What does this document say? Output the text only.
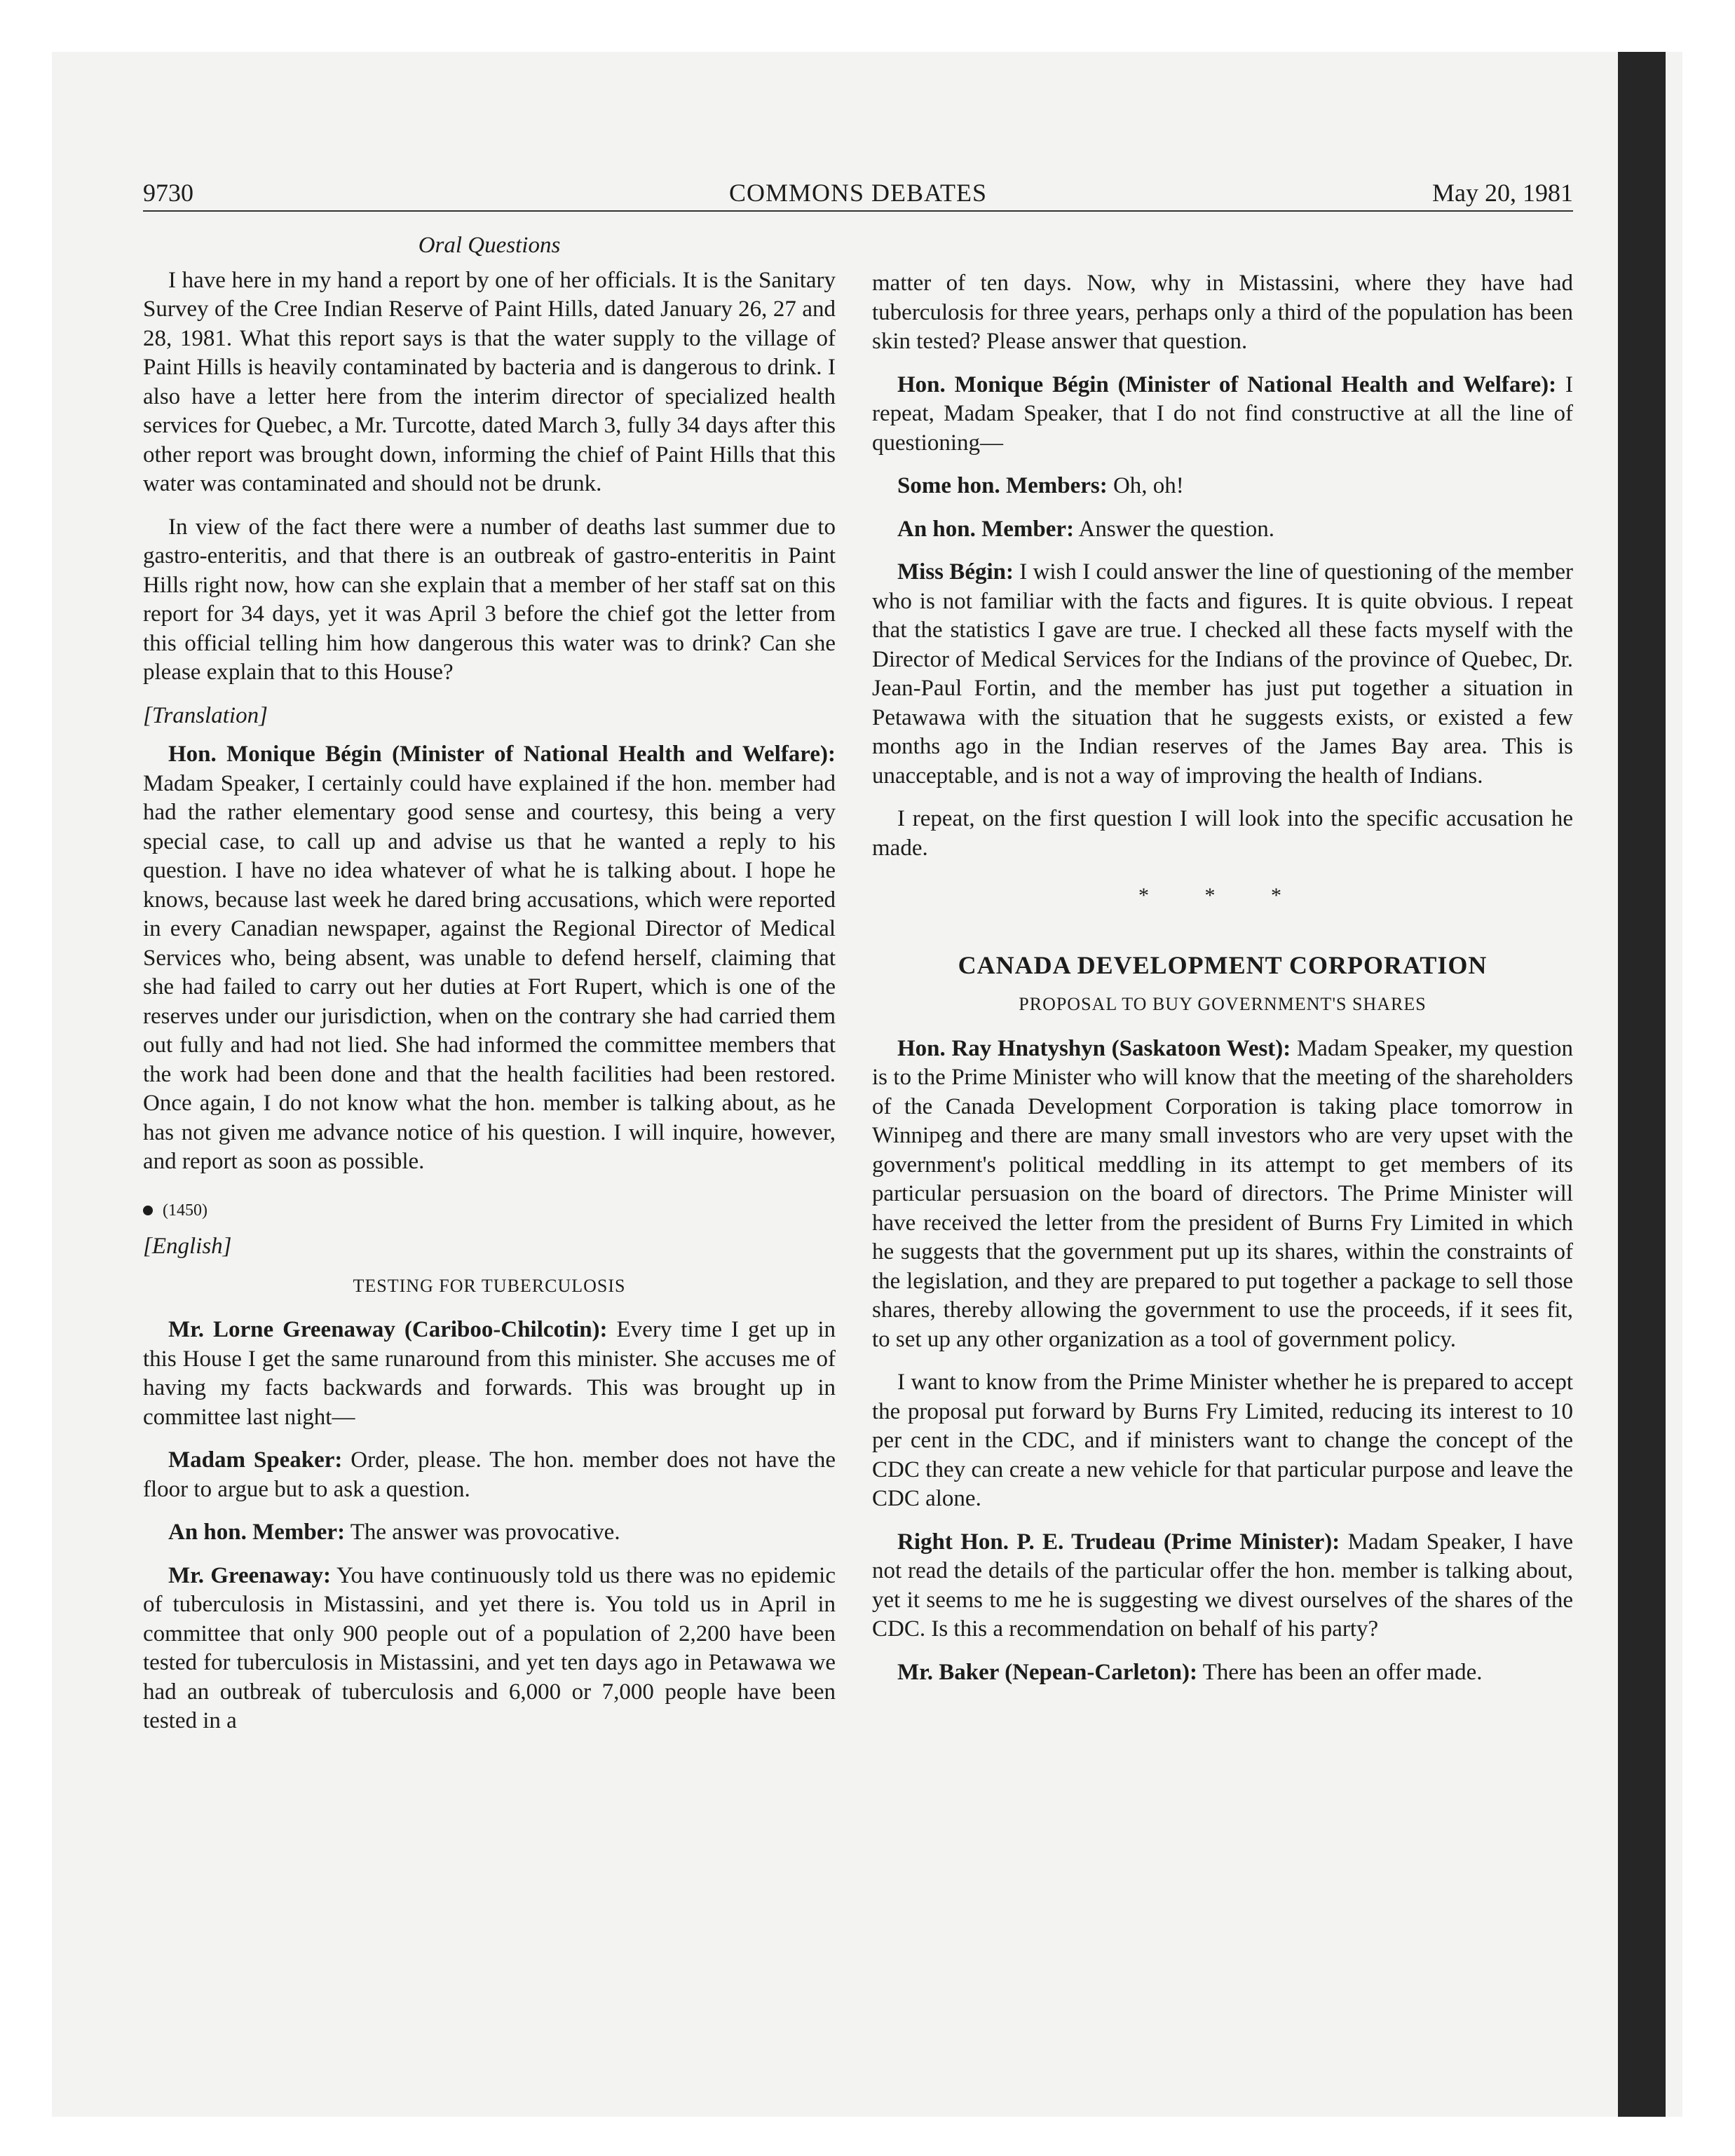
9730	COMMONS DEBATES	May 20, 1981
Oral Questions

I have here in my hand a report by one of her officials. It is the Sanitary Survey of the Cree Indian Reserve of Paint Hills, dated January 26, 27 and 28, 1981. What this report says is that the water supply to the village of Paint Hills is heavily contaminated by bacteria and is dangerous to drink. I also have a letter here from the interim director of specialized health services for Quebec, a Mr. Turcotte, dated March 3, fully 34 days after this other report was brought down, informing the chief of Paint Hills that this water was contaminated and should not be drunk.

In view of the fact there were a number of deaths last summer due to gastro-enteritis, and that there is an outbreak of gastro-enteritis in Paint Hills right now, how can she explain that a member of her staff sat on this report for 34 days, yet it was April 3 before the chief got the letter from this official telling him how dangerous this water was to drink? Can she please explain that to this House?

[Translation]

Hon. Monique Bégin (Minister of National Health and Welfare): Madam Speaker, I certainly could have explained if the hon. member had had the rather elementary good sense and courtesy, this being a very special case, to call up and advise us that he wanted a reply to his question. I have no idea whatever of what he is talking about. I hope he knows, because last week he dared bring accusations, which were reported in every Canadian newspaper, against the Regional Director of Medical Services who, being absent, was unable to defend herself, claiming that she had failed to carry out her duties at Fort Rupert, which is one of the reserves under our jurisdiction, when on the contrary she had carried them out fully and had not lied. She had informed the committee members that the work had been done and that the health facilities had been restored. Once again, I do not know what the hon. member is talking about, as he has not given me advance notice of his question. I will inquire, however, and report as soon as possible.

(1450)
[English]
TESTING FOR TUBERCULOSIS

Mr. Lorne Greenaway (Cariboo-Chilcotin): Every time I get up in this House I get the same runaround from this minister. She accuses me of having my facts backwards and forwards. This was brought up in committee last night—

Madam Speaker: Order, please. The hon. member does not have the floor to argue but to ask a question.

An hon. Member: The answer was provocative.

Mr. Greenaway: You have continuously told us there was no epidemic of tuberculosis in Mistassini, and yet there is. You told us in April in committee that only 900 people out of a population of 2,200 have been tested for tuberculosis in Mistassini, and yet ten days ago in Petawawa we had an outbreak of tuberculosis and 6,000 or 7,000 people have been tested in a

matter of ten days. Now, why in Mistassini, where they have had tuberculosis for three years, perhaps only a third of the population has been skin tested? Please answer that question.

Hon. Monique Bégin (Minister of National Health and Welfare): I repeat, Madam Speaker, that I do not find constructive at all the line of questioning—

Some hon. Members: Oh, oh!

An hon. Member: Answer the question.

Miss Bégin: I wish I could answer the line of questioning of the member who is not familiar with the facts and figures. It is quite obvious. I repeat that the statistics I gave are true. I checked all these facts myself with the Director of Medical Services for the Indians of the province of Quebec, Dr. Jean-Paul Fortin, and the member has just put together a situation in Petawawa with the situation that he suggests exists, or existed a few months ago in the Indian reserves of the James Bay area. This is unacceptable, and is not a way of improving the health of Indians.

I repeat, on the first question I will look into the specific accusation he made.

* * *
CANADA DEVELOPMENT CORPORATION
PROPOSAL TO BUY GOVERNMENT'S SHARES

Hon. Ray Hnatyshyn (Saskatoon West): Madam Speaker, my question is to the Prime Minister who will know that the meeting of the shareholders of the Canada Development Corporation is taking place tomorrow in Winnipeg and there are many small investors who are very upset with the government's political meddling in its attempt to get members of its particular persuasion on the board of directors. The Prime Minister will have received the letter from the president of Burns Fry Limited in which he suggests that the government put up its shares, within the constraints of the legislation, and they are prepared to put together a package to sell those shares, thereby allowing the government to use the proceeds, if it sees fit, to set up any other organization as a tool of government policy.

I want to know from the Prime Minister whether he is prepared to accept the proposal put forward by Burns Fry Limited, reducing its interest to 10 per cent in the CDC, and if ministers want to change the concept of the CDC they can create a new vehicle for that particular purpose and leave the CDC alone.

Right Hon. P. E. Trudeau (Prime Minister): Madam Speaker, I have not read the details of the particular offer the hon. member is talking about, yet it seems to me he is suggesting we divest ourselves of the shares of the CDC. Is this a recommendation on behalf of his party?

Mr. Baker (Nepean-Carleton): There has been an offer made.
